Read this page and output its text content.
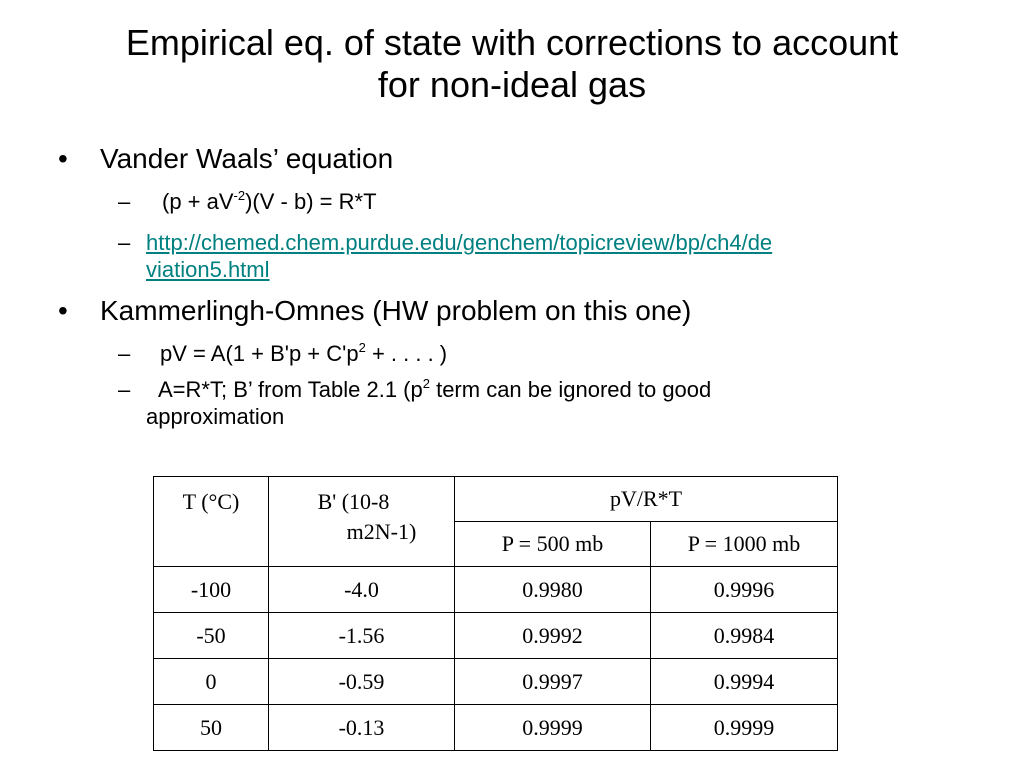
Empirical eq. of state with corrections to account
for non-ideal gas
• Vander Waals’ equation

– $(p + aV^{-2})(V - b) = R*T$

– http://chemed.chem.purdue.edu/genchem/topicreview/bp/ch4/de
viation5.html
• Kammerlingh-Omnes (HW problem on this one)

– pV = $A(1 + B'p + C'p^2$ + . . . . )

–	A=R*T; B’ from Table 2.1 ($p^2$ term can be ignored to good
approximation

T (°C)	B' (10-8
m2N-1)	pV/R*T	
		P = 500 mb	P = 1000 mb
-100	-4.0	0.9980	0.9996
-50	-1.56	0.9992	0.9984
0	-0.59	0.9997	0.9994
50	-0.13	0.9999	0.9999
